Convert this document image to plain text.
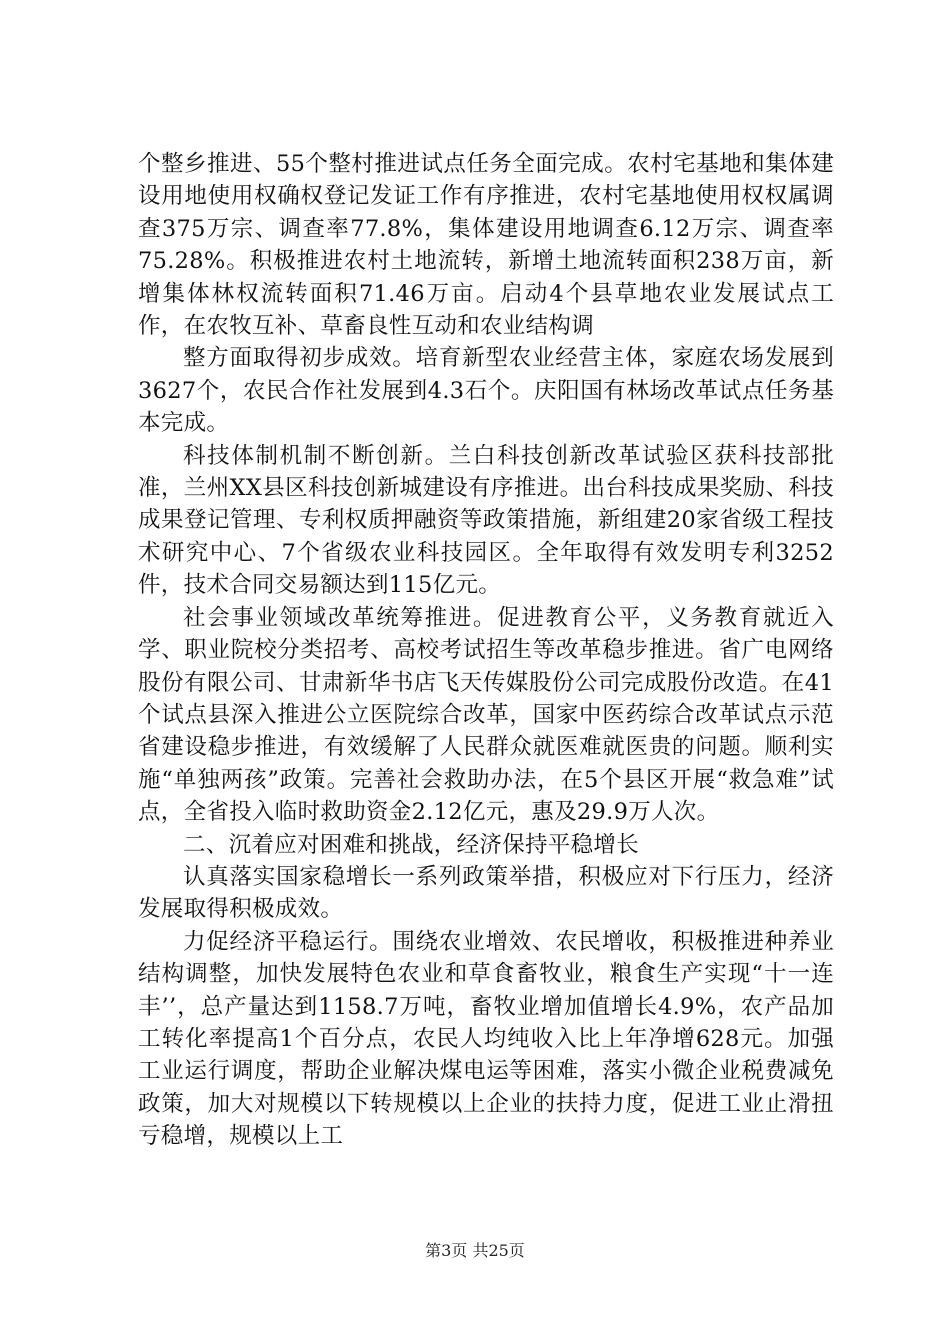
个整乡推进、55个整村推进试点任务全面完成。农村宅基地和集体建设用地使用权确权登记发证工作有序推进，农村宅基地使用权权属调查375万宗、调查率77.8%，集体建设用地调查6.12万宗、调查率75.28%。积极推进农村土地流转，新增土地流转面积238万亩，新增集体林权流转面积71.46万亩。启动4个县草地农业发展试点工作，在农牧互补、草畜良性互动和农业结构调

整方面取得初步成效。培育新型农业经营主体，家庭农场发展到3627个，农民合作社发展到4.3石个。庆阳国有林场改革试点任务基本完成。

科技体制机制不断创新。兰白科技创新改革试验区获科技部批准，兰州XX县区科技创新城建设有序推进。出台科技成果奖励、科技成果登记管理、专利权质押融资等政策措施，新组建20家省级工程技术研究中心、7个省级农业科技园区。全年取得有效发明专利3252件，技术合同交易额达到115亿元。

社会事业领域改革统筹推进。促进教育公平，义务教育就近入学、职业院校分类招考、高校考试招生等改革稳步推进。省广电网络股份有限公司、甘肃新华书店飞天传媒股份公司完成股份改造。在41个试点县深入推进公立医院综合改革，国家中医药综合改革试点示范省建设稳步推进，有效缓解了人民群众就医难就医贵的问题。顺利实施“单独两孩”政策。完善社会救助办法，在5个县区开展“救急难”试点，全省投入临时救助资金2.12亿元，惠及29.9万人次。

二、沉着应对困难和挑战，经济保持平稳增长

认真落实国家稳增长一系列政策举措，积极应对下行压力，经济发展取得积极成效。

力促经济平稳运行。围绕农业增效、农民增收，积极推进种养业结构调整，加快发展特色农业和草食畜牧业，粮食生产实现“十一连丰’’，总产量达到1158.7万吨，畜牧业增加值增长4.9%，农产品加工转化率提高1个百分点，农民人均纯收入比上年净增628元。加强工业运行调度，帮助企业解决煤电运等困难，落实小微企业税费减免政策，加大对规模以下转规模以上企业的扶持力度，促进工业止滑扭亏稳增，规模以上工

第3页 共25页
